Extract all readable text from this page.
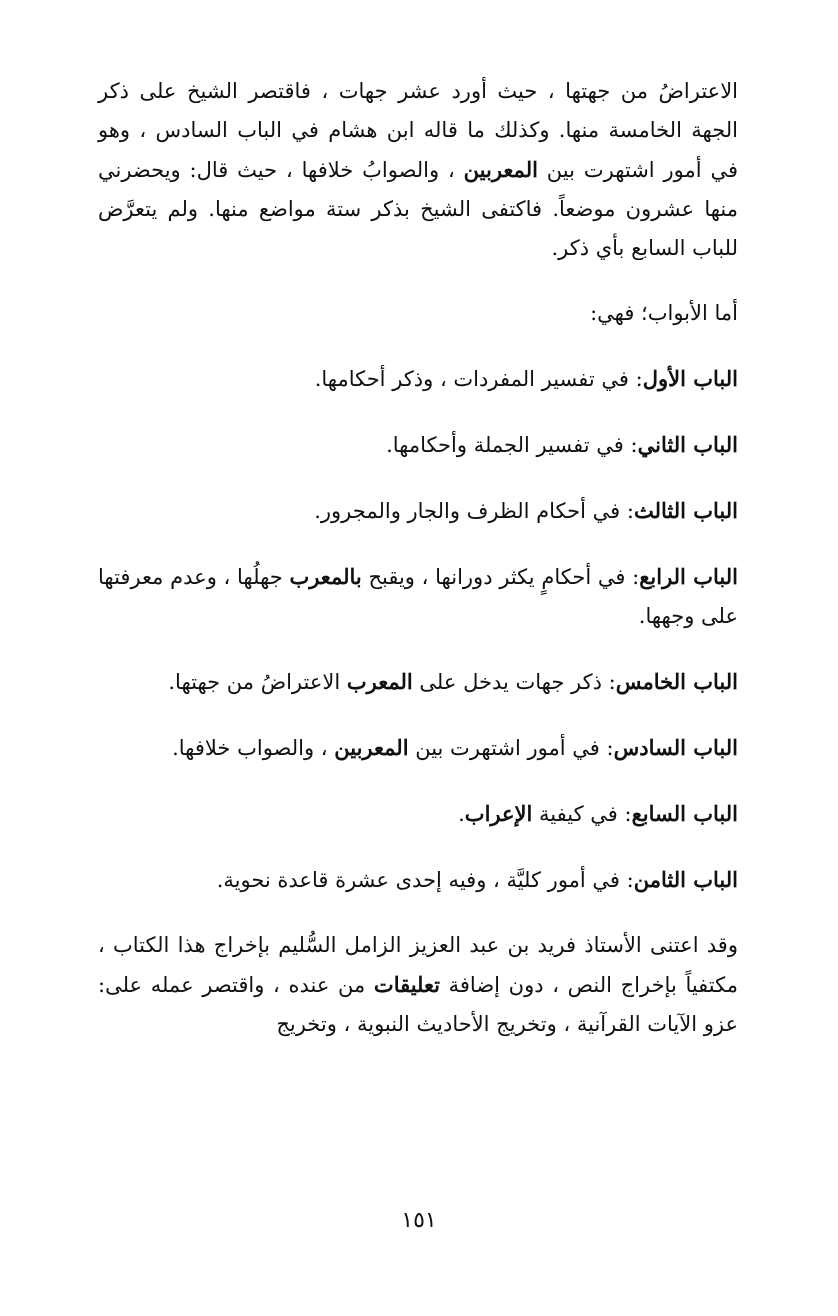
الاعتراضُ من جهتها ، حيث أورد عشر جهات ، فاقتصر الشيخ على ذكر الجهة الخامسة منها. وكذلك ما قاله ابن هشام في الباب السادس ، وهو في أمور اشتهرت بين المعربين ، والصوابُ خلافها ، حيث قال: ويحضرني منها عشرون موضعاً. فاكتفى الشيخ بذكر ستة مواضع منها. ولم يتعرَّض للباب السابع بأي ذكر.

أما الأبواب؛ فهي:

الباب الأول: في تفسير المفردات ، وذكر أحكامها.

الباب الثاني: في تفسير الجملة وأحكامها.

الباب الثالث: في أحكام الظرف والجار والمجرور.

الباب الرابع: في أحكامٍ يكثر دورانها ، ويقبح بالمعرب جهلُها ، وعدم معرفتها على وجهها.

الباب الخامس: ذكر جهات يدخل على المعرب الاعتراضُ من جهتها.

الباب السادس: في أمور اشتهرت بين المعربين ، والصواب خلافها.

الباب السابع: في كيفية الإعراب.

الباب الثامن: في أمور كليَّة ، وفيه إحدى عشرة قاعدة نحوية.

وقد اعتنى الأستاذ فريد بن عبد العزيز الزامل السُّليم بإخراج هذا الكتاب ، مكتفياً بإخراج النص ، دون إضافة تعليقات من عنده ، واقتصر عمله على: عزو الآيات القرآنية ، وتخريج الأحاديث النبوية ، وتخريج

١٥١
